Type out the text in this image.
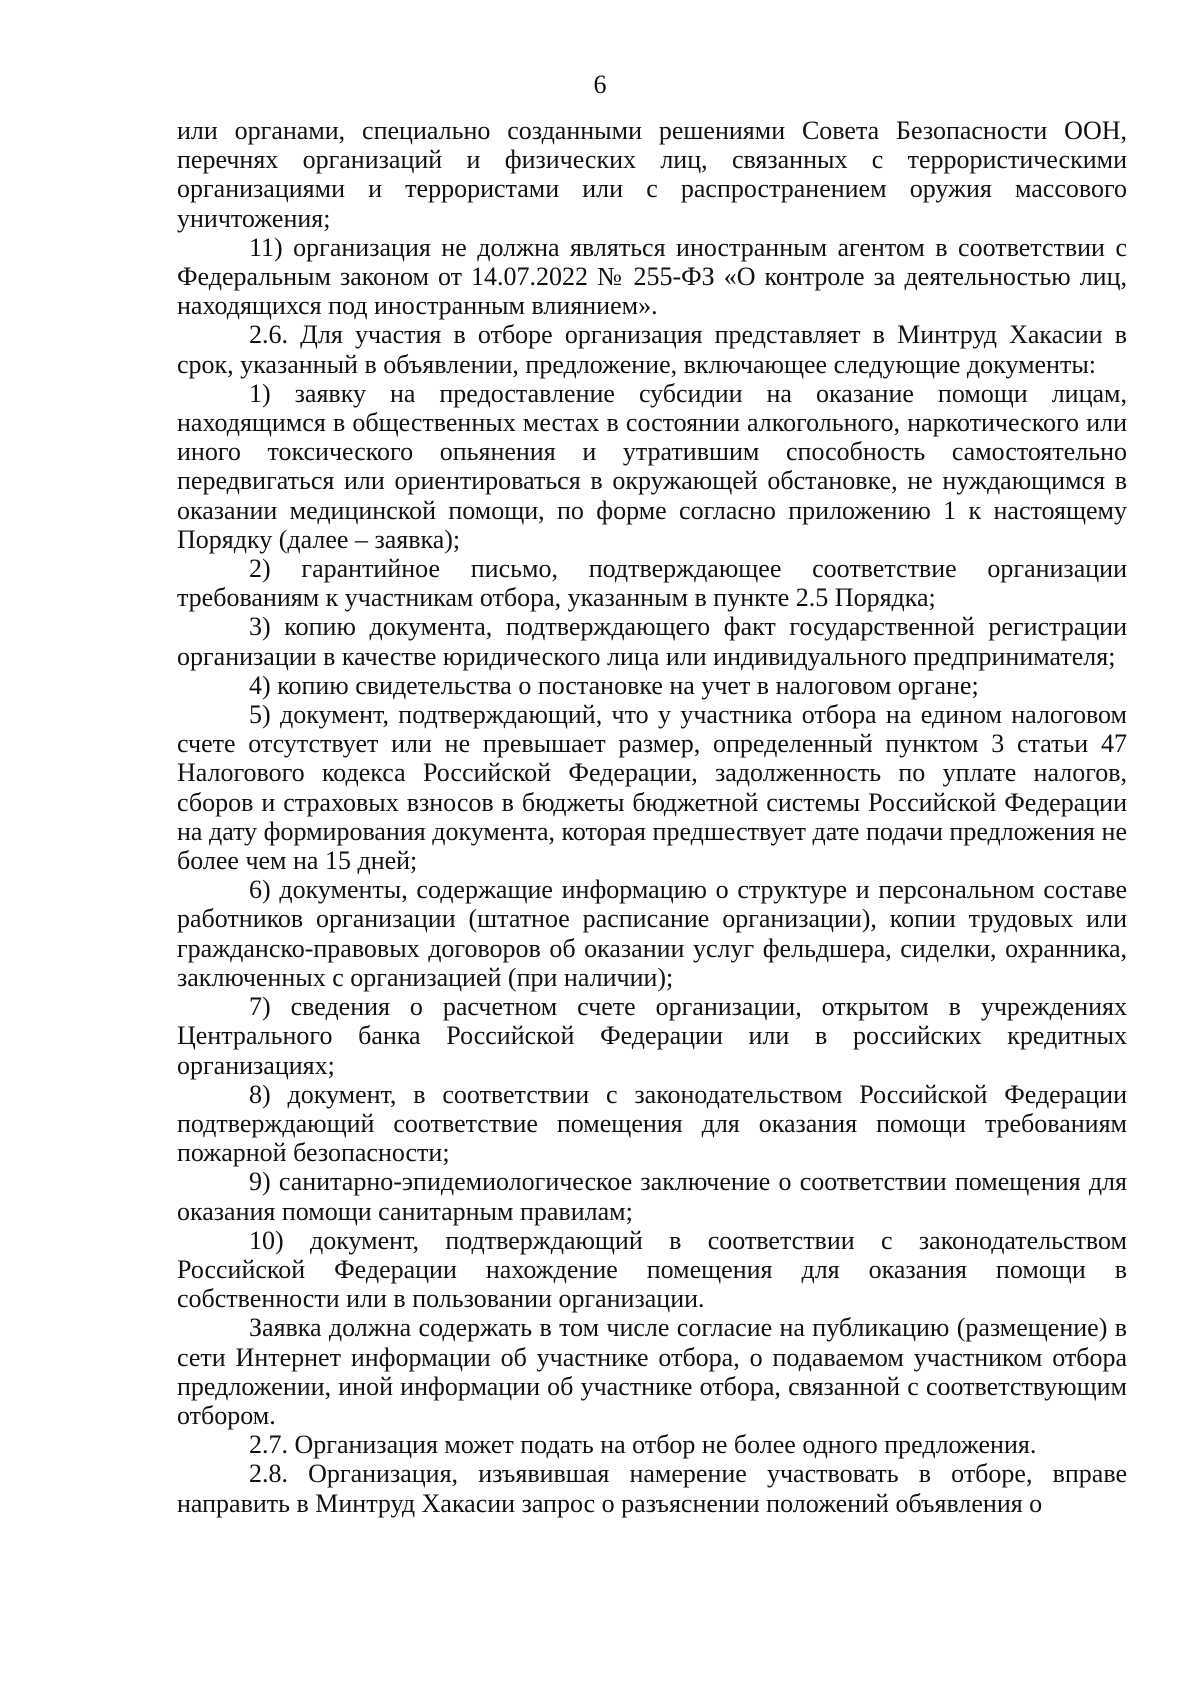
6

или органами, специально созданными решениями Совета Безопасности ООН, перечнях организаций и физических лиц, связанных с террористическими организациями и террористами или с распространением оружия массового уничтожения;

11) организация не должна являться иностранным агентом в соответствии с Федеральным законом от 14.07.2022 № 255-ФЗ «О контроле за деятельностью лиц, находящихся под иностранным влиянием».

2.6. Для участия в отборе организация представляет в Минтруд Хакасии в срок, указанный в объявлении, предложение, включающее следующие документы:

1) заявку на предоставление субсидии на оказание помощи лицам, находящимся в общественных местах в состоянии алкогольного, наркотического или иного токсического опьянения и утратившим способность самостоятельно передвигаться или ориентироваться в окружающей обстановке, не нуждающимся в оказании медицинской помощи, по форме согласно приложению 1 к настоящему Порядку (далее – заявка);

2) гарантийное письмо, подтверждающее соответствие организации требованиям к участникам отбора, указанным в пункте 2.5 Порядка;

3) копию документа, подтверждающего факт государственной регистрации организации в качестве юридического лица или индивидуального предпринимателя;

4) копию свидетельства о постановке на учет в налоговом органе;

5) документ, подтверждающий, что у участника отбора на едином налоговом счете отсутствует или не превышает размер, определенный пунктом 3 статьи 47 Налогового кодекса Российской Федерации, задолженность по уплате налогов, сборов и страховых взносов в бюджеты бюджетной системы Российской Федерации на дату формирования документа, которая предшествует дате подачи предложения не более чем на 15 дней;

6) документы, содержащие информацию о структуре и персональном составе работников организации (штатное расписание организации), копии трудовых или гражданско-правовых договоров об оказании услуг фельдшера, сиделки, охранника, заключенных с организацией (при наличии);

7) сведения о расчетном счете организации, открытом в учреждениях Центрального банка Российской Федерации или в российских кредитных организациях;

8) документ, в соответствии с законодательством Российской Федерации подтверждающий соответствие помещения для оказания помощи требованиям пожарной безопасности;

9) санитарно-эпидемиологическое заключение о соответствии помещения для оказания помощи санитарным правилам;

10) документ, подтверждающий в соответствии с законодательством Российской Федерации нахождение помещения для оказания помощи в собственности или в пользовании организации.

Заявка должна содержать в том числе согласие на публикацию (размещение) в сети Интернет информации об участнике отбора, о подаваемом участником отбора предложении, иной информации об участнике отбора, связанной с соответствующим отбором.

2.7. Организация может подать на отбор не более одного предложения.

2.8. Организация, изъявившая намерение участвовать в отборе, вправе направить в Минтруд Хакасии запрос о разъяснении положений объявления о
